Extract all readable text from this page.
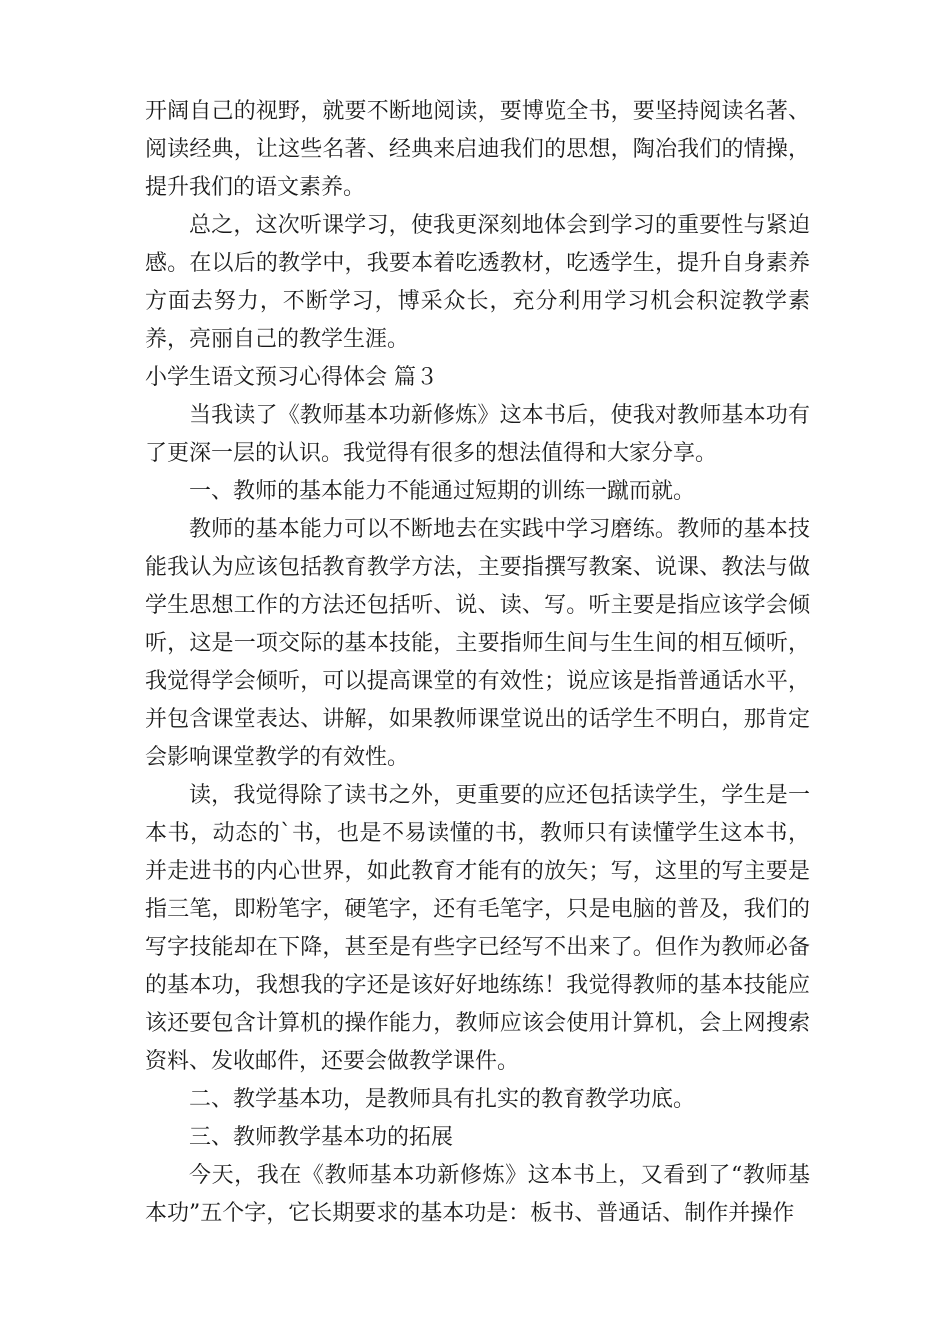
开阔自己的视野，就要不断地阅读，要博览全书，要坚持阅读名著、阅读经典，让这些名著、经典来启迪我们的思想，陶冶我们的情操，提升我们的语文素养。

总之，这次听课学习，使我更深刻地体会到学习的重要性与紧迫感。在以后的教学中，我要本着吃透教材，吃透学生，提升自身素养方面去努力，不断学习，博采众长，充分利用学习机会积淀教学素养，亮丽自己的教学生涯。

小学生语文预习心得体会 篇３

当我读了《教师基本功新修炼》这本书后，使我对教师基本功有了更深一层的认识。我觉得有很多的想法值得和大家分享。

一、教师的基本能力不能通过短期的训练一蹴而就。

教师的基本能力可以不断地去在实践中学习磨练。教师的基本技能我认为应该包括教育教学方法，主要指撰写教案、说课、教法与做学生思想工作的方法还包括听、说、读、写。听主要是指应该学会倾听，这是一项交际的基本技能，主要指师生间与生生间的相互倾听，我觉得学会倾听，可以提高课堂的有效性；说应该是指普通话水平，并包含课堂表达、讲解，如果教师课堂说出的话学生不明白，那肯定会影响课堂教学的有效性。

读，我觉得除了读书之外，更重要的应还包括读学生，学生是一本书，动态的`书，也是不易读懂的书，教师只有读懂学生这本书，并走进书的内心世界，如此教育才能有的放矢；写，这里的写主要是指三笔，即粉笔字，硬笔字，还有毛笔字，只是电脑的普及，我们的写字技能却在下降，甚至是有些字已经写不出来了。但作为教师必备的基本功，我想我的字还是该好好地练练！我觉得教师的基本技能应该还要包含计算机的操作能力，教师应该会使用计算机，会上网搜索资料、发收邮件，还要会做教学课件。

二、教学基本功，是教师具有扎实的教育教学功底。

三、教师教学基本功的拓展

今天，我在《教师基本功新修炼》这本书上，又看到了“教师基本功”五个字，它长期要求的基本功是：板书、普通话、制作并操作
